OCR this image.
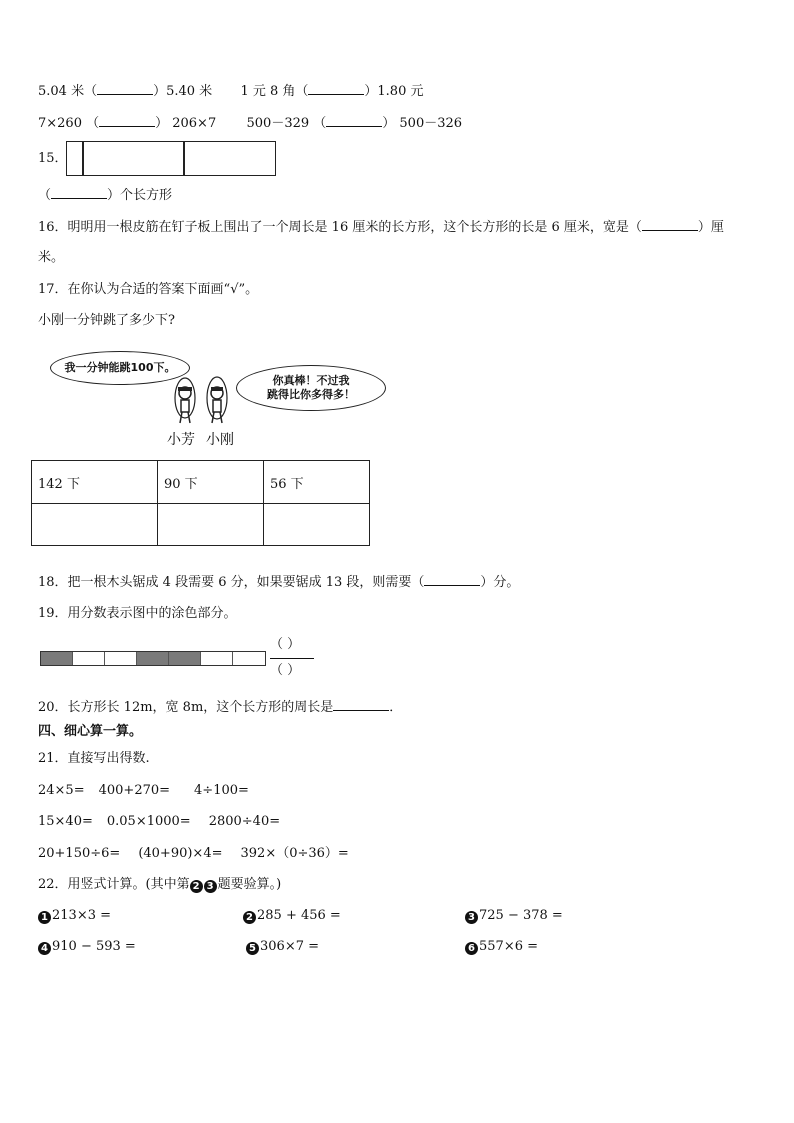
5.04 米（	）5.40 米 1 元 8 角（	）1.80 元
7×260 （	） 206×7 500－329 （	） 500－326
15．
（	）个长方形
16．明明用一根皮筋在钉子板上围出了一个周长是 16 厘米的长方形，这个长方形的长是 6 厘米，宽是（	）厘
米。
17．在你认为合适的答案下面画“√”。
小刚一分钟跳了多少下?
我一分钟能跳100下。
你真棒！不过我
跳得比你多得多！
小芳 小刚
142 下	90 下	56 下

18．把一根木头锯成 4 段需要 6 分，如果要锯成 13 段，则需要（	）分。
19．用分数表示图中的涂色部分。
（ ）
（ ）
20．长方形长 12m，宽 8m，这个长方形的周长是	．
四、细心算一算。
21．直接写出得数.
24×5= 400+270= 4÷100=
15×40= 0.05×1000= 2800÷40=
20+150÷6= (40+90)×4= 392×（0÷36）=
22．用竖式计算。(其中第 2 3 题要验算。)
1 213×3 =	2 285 + 456 =	3 725 − 378 =
4 910 − 593 =	5 306×7 =	6 557×6 =
